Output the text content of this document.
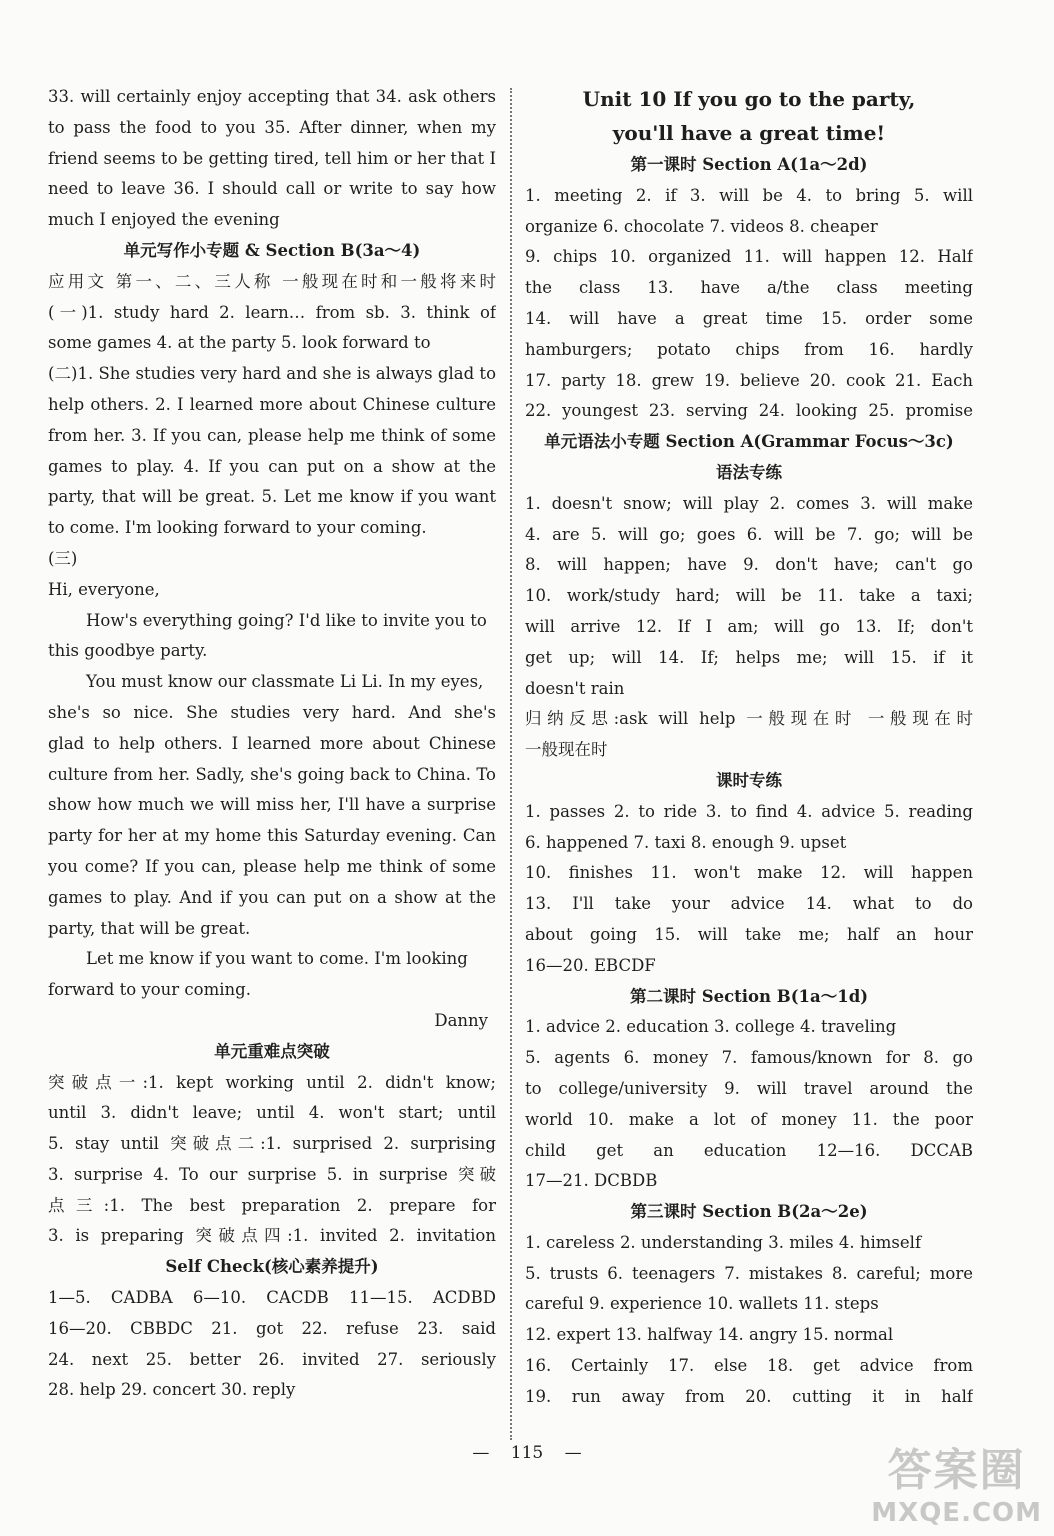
33. will certainly enjoy accepting that 34. ask others
to pass the food to you 35. After dinner, when my
friend seems to be getting tired, tell him or her that I
need to leave 36. I should call or write to say how
much I enjoyed the evening
单元写作小专题 & Section B(3a～4)
应用文 第一、二、三人称 一般现在时和一般将来时
(一)1. study hard 2. learn… from sb. 3. think of
some games 4. at the party 5. look forward to
(二)1. She studies very hard and she is always glad to
help others. 2. I learned more about Chinese culture
from her. 3. If you can, please help me think of some
games to play. 4. If you can put on a show at the
party, that will be great. 5. Let me know if you want
to come. I'm looking forward to your coming.
(三)
Hi, everyone,
How's everything going? I'd like to invite you to
this goodbye party.
You must know our classmate Li Li. In my eyes,
she's so nice. She studies very hard. And she's
glad to help others. I learned more about Chinese
culture from her. Sadly, she's going back to China. To
show how much we will miss her, I'll have a surprise
party for her at my home this Saturday evening. Can
you come? If you can, please help me think of some
games to play. And if you can put on a show at the
party, that will be great.
Let me know if you want to come. I'm looking
forward to your coming.
Danny
单元重难点突破
突破点一:1. kept working until 2. didn't know;
until 3. didn't leave; until 4. won't start; until
5. stay until 突破点二:1. surprised 2. surprising
3. surprise 4. To our surprise 5. in surprise 突破
点三:1. The best preparation 2. prepare for
3. is preparing 突破点四:1. invited 2. invitation
Self Check(核心素养提升)
1—5. CADBA 6—10. CACDB 11—15. ACDBD
16—20. CBBDC 21. got 22. refuse 23. said
24. next 25. better 26. invited 27. seriously
28. help 29. concert 30. reply
Unit 10 If you go to the party,
you'll have a great time!
第一课时 Section A(1a～2d)
1. meeting 2. if 3. will be 4. to bring 5. will
organize 6. chocolate 7. videos 8. cheaper
9. chips 10. organized 11. will happen 12. Half
the class 13. have a/the class meeting
14. will have a great time 15. order some
hamburgers; potato chips from 16. hardly
17. party 18. grew 19. believe 20. cook 21. Each
22. youngest 23. serving 24. looking 25. promise
单元语法小专题 Section A(Grammar Focus～3c)
语法专练
1. doesn't snow; will play 2. comes 3. will make
4. are 5. will go; goes 6. will be 7. go; will be
8. will happen; have 9. don't have; can't go
10. work/study hard; will be 11. take a taxi;
will arrive 12. If I am; will go 13. If; don't
get up; will 14. If; helps me; will 15. if it
doesn't rain
归纳反思:ask will help 一般现在时 一般现在时
一般现在时
课时专练
1. passes 2. to ride 3. to find 4. advice 5. reading
6. happened 7. taxi 8. enough 9. upset
10. finishes 11. won't make 12. will happen
13. I'll take your advice 14. what to do
about going 15. will take me; half an hour
16—20. EBCDF
第二课时 Section B(1a～1d)
1. advice 2. education 3. college 4. traveling
5. agents 6. money 7. famous/known for 8. go
to college/university 9. will travel around the
world 10. make a lot of money 11. the poor
child get an education 12—16. DCCAB
17—21. DCBDB
第三课时 Section B(2a～2e)
1. careless 2. understanding 3. miles 4. himself
5. trusts 6. teenagers 7. mistakes 8. careful; more
careful 9. experience 10. wallets 11. steps
12. expert 13. halfway 14. angry 15. normal
16. Certainly 17. else 18. get advice from
19. run away from 20. cutting it in half
— 115 —	答案圈
MXQE.COM
